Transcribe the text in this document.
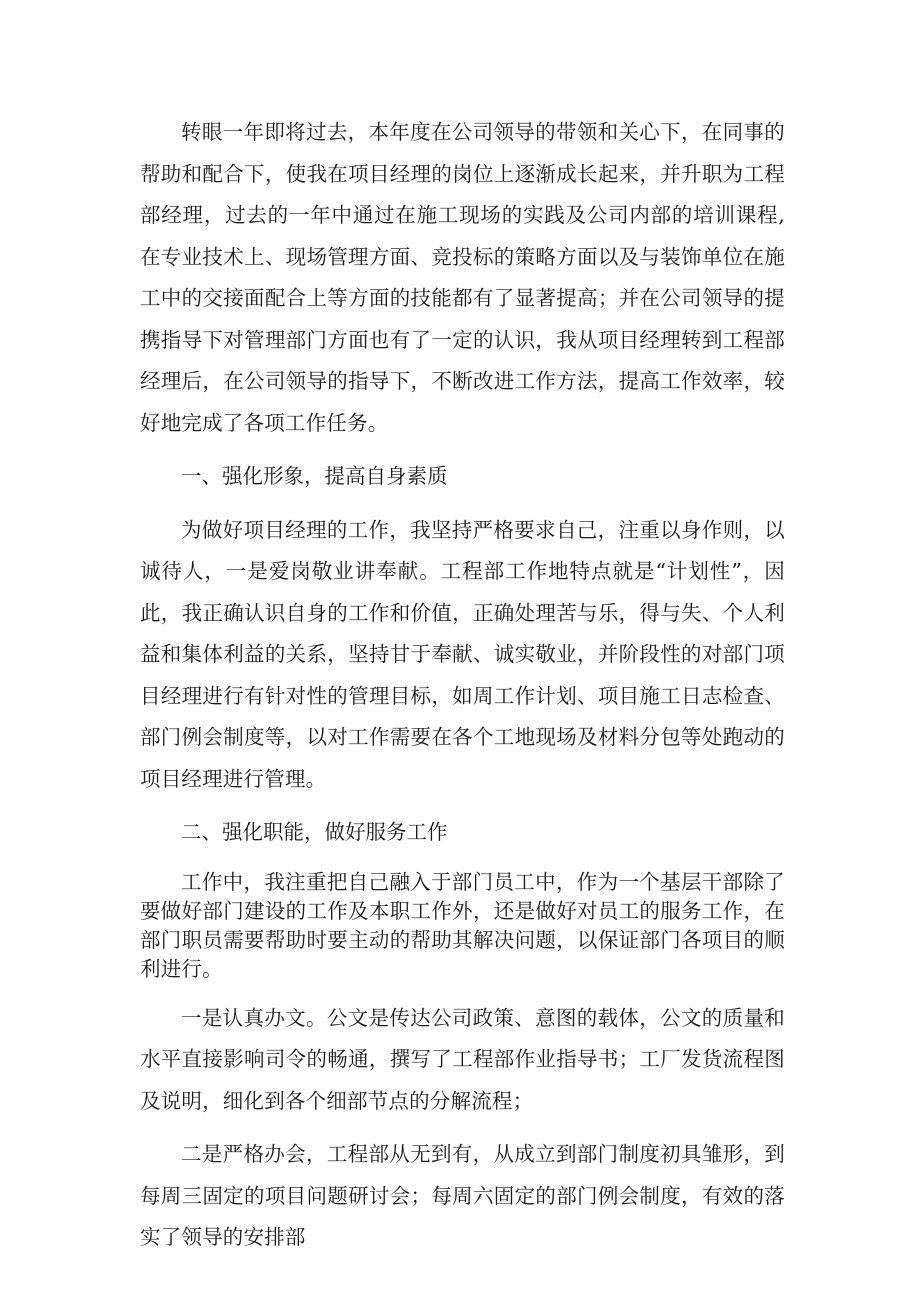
转眼一年即将过去，本年度在公司领导的带领和关心下，在同事的帮助和配合下，使我在项目经理的岗位上逐渐成长起来，并升职为工程部经理，过去的一年中通过在施工现场的实践及公司内部的培训课程,在专业技术上、现场管理方面、竞投标的策略方面以及与装饰单位在施工中的交接面配合上等方面的技能都有了显著提高；并在公司领导的提携指导下对管理部门方面也有了一定的认识，我从项目经理转到工程部经理后，在公司领导的指导下，不断改进工作方法，提高工作效率，较好地完成了各项工作任务。

一、强化形象，提高自身素质

为做好项目经理的工作，我坚持严格要求自己，注重以身作则，以诚待人，一是爱岗敬业讲奉献。工程部工作地特点就是“计划性”，因此，我正确认识自身的工作和价值，正确处理苦与乐，得与失、个人利益和集体利益的关系，坚持甘于奉献、诚实敬业，并阶段性的对部门项目经理进行有针对性的管理目标，如周工作计划、项目施工日志检查、部门例会制度等，以对工作需要在各个工地现场及材料分包等处跑动的项目经理进行管理。

二、强化职能，做好服务工作

工作中，我注重把自己融入于部门员工中，作为一个基层干部除了要做好部门建设的工作及本职工作外，还是做好对员工的服务工作，在部门职员需要帮助时要主动的帮助其解决问题，以保证部门各项目的顺利进行。

一是认真办文。公文是传达公司政策、意图的载体，公文的质量和水平直接影响司令的畅通，撰写了工程部作业指导书；工厂发货流程图及说明，细化到各个细部节点的分解流程；

二是严格办会，工程部从无到有，从成立到部门制度初具雏形，到每周三固定的项目问题研讨会；每周六固定的部门例会制度，有效的落实了领导的安排部
